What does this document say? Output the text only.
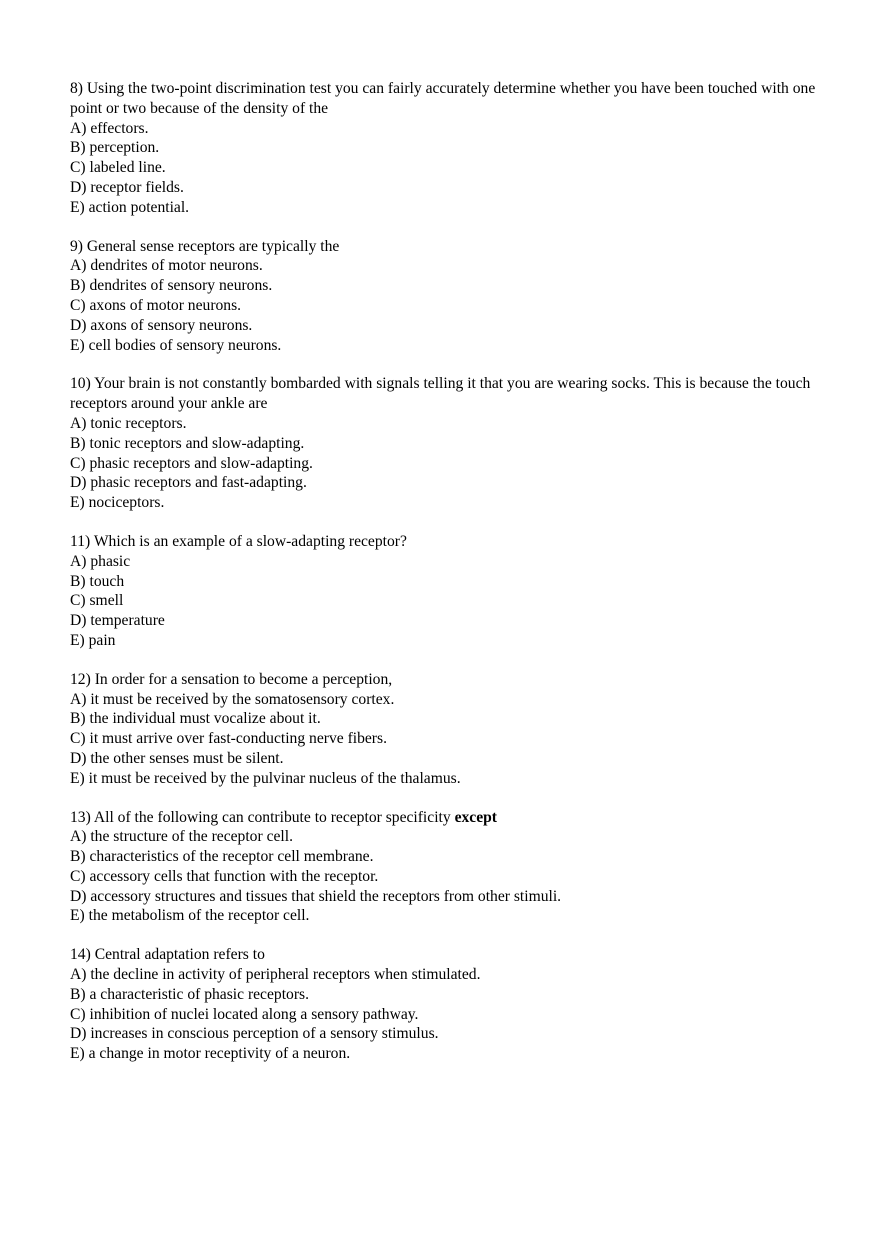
8) Using the two-point discrimination test you can fairly accurately determine whether you have been touched with one point or two because of the density of the
A) effectors.
B) perception.
C) labeled line.
D) receptor fields.
E) action potential.
9) General sense receptors are typically the
A) dendrites of motor neurons.
B) dendrites of sensory neurons.
C) axons of motor neurons.
D) axons of sensory neurons.
E) cell bodies of sensory neurons.
10) Your brain is not constantly bombarded with signals telling it that you are wearing socks. This is because the touch receptors around your ankle are
A) tonic receptors.
B) tonic receptors and slow-adapting.
C) phasic receptors and slow-adapting.
D) phasic receptors and fast-adapting.
E) nociceptors.
11) Which is an example of a slow-adapting receptor?
A) phasic
B) touch
C) smell
D) temperature
E) pain
12) In order for a sensation to become a perception,
A) it must be received by the somatosensory cortex.
B) the individual must vocalize about it.
C) it must arrive over fast-conducting nerve fibers.
D) the other senses must be silent.
E) it must be received by the pulvinar nucleus of the thalamus.
13) All of the following can contribute to receptor specificity except
A) the structure of the receptor cell.
B) characteristics of the receptor cell membrane.
C) accessory cells that function with the receptor.
D) accessory structures and tissues that shield the receptors from other stimuli.
E) the metabolism of the receptor cell.
14) Central adaptation refers to
A) the decline in activity of peripheral receptors when stimulated.
B) a characteristic of phasic receptors.
C) inhibition of nuclei located along a sensory pathway.
D) increases in conscious perception of a sensory stimulus.
E) a change in motor receptivity of a neuron.
